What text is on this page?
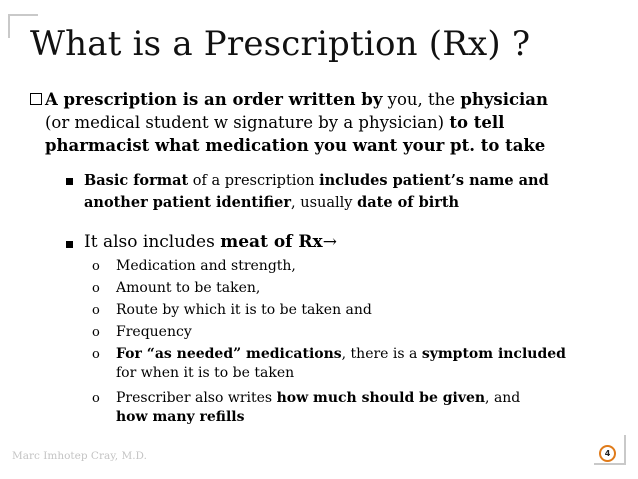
What is a Prescription (Rx) ?
A prescription is an order written by you, the physician
(or medical student w signature by a physician) to tell
pharmacist what medication you want your pt. to take
Basic format of a prescription includes patient’s name and
another patient identifier, usually date of birth
It also includes meat of Rx→
o Medication and strength,
o Amount to be taken,
o Route by which it is to be taken and
o Frequency
o For “as needed” medications, there is a symptom included
for when it is to be taken
o Prescriber also writes how much should be given, and
how many refills
Marc Imhotep Cray, M.D.	4
